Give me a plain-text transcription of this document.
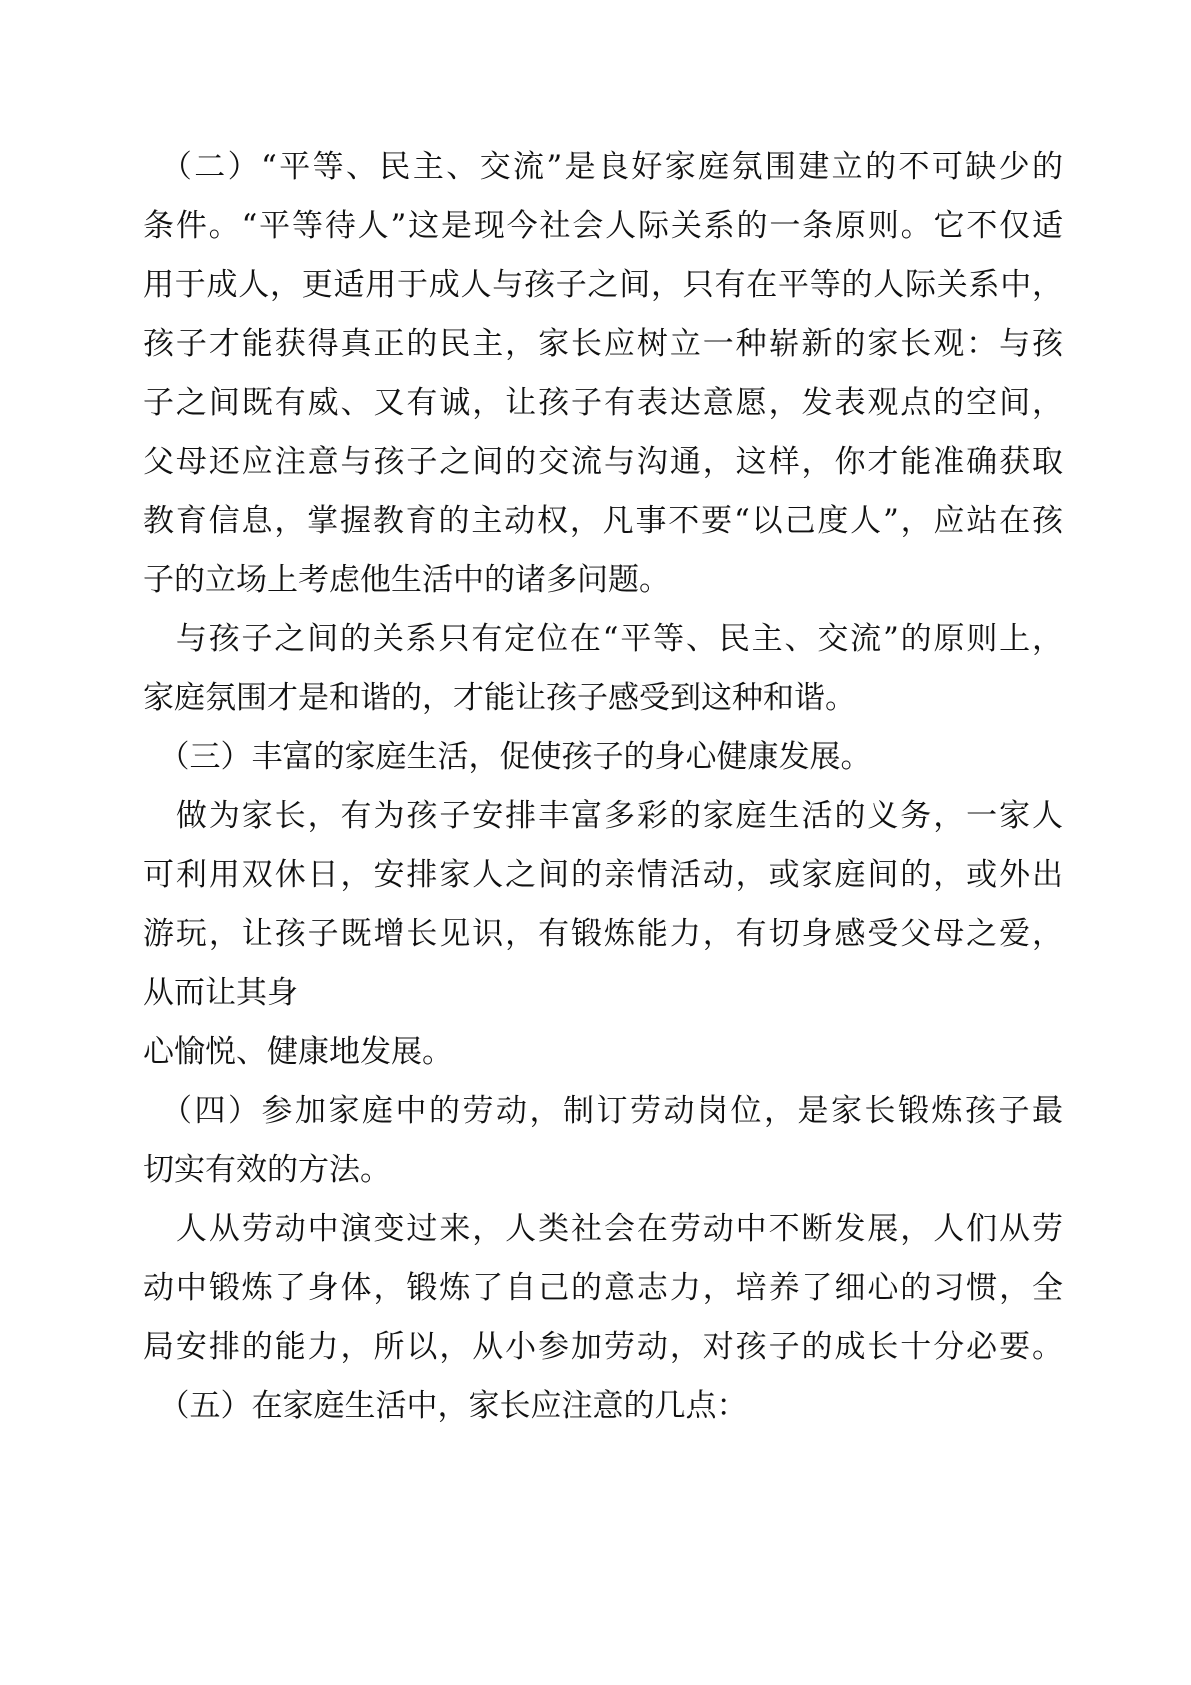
　（二）“平等、民主、交流”是良好家庭氛围建立的不可缺少的
条件。“平等待人”这是现今社会人际关系的一条原则。它不仅适
用于成人，更适用于成人与孩子之间，只有在平等的人际关系中，
孩子才能获得真正的民主，家长应树立一种崭新的家长观：与孩
子之间既有威、又有诚，让孩子有表达意愿，发表观点的空间，
父母还应注意与孩子之间的交流与沟通，这样，你才能准确获取
教育信息，掌握教育的主动权，凡事不要“以己度人”，应站在孩
子的立场上考虑他生活中的诸多问题。
　与孩子之间的关系只有定位在“平等、民主、交流”的原则上，
家庭氛围才是和谐的，才能让孩子感受到这种和谐。
　（三）丰富的家庭生活，促使孩子的身心健康发展。
　做为家长，有为孩子安排丰富多彩的家庭生活的义务，一家人
可利用双休日，安排家人之间的亲情活动，或家庭间的，或外出
游玩，让孩子既增长见识，有锻炼能力，有切身感受父母之爱，
从而让其身
心愉悦、健康地发展。
　（四）参加家庭中的劳动，制订劳动岗位，是家长锻炼孩子最
切实有效的方法。
　人从劳动中演变过来，人类社会在劳动中不断发展，人们从劳
动中锻炼了身体，锻炼了自己的意志力，培养了细心的习惯，全
局安排的能力，所以，从小参加劳动，对孩子的成长十分必要。
　（五）在家庭生活中，家长应注意的几点：
